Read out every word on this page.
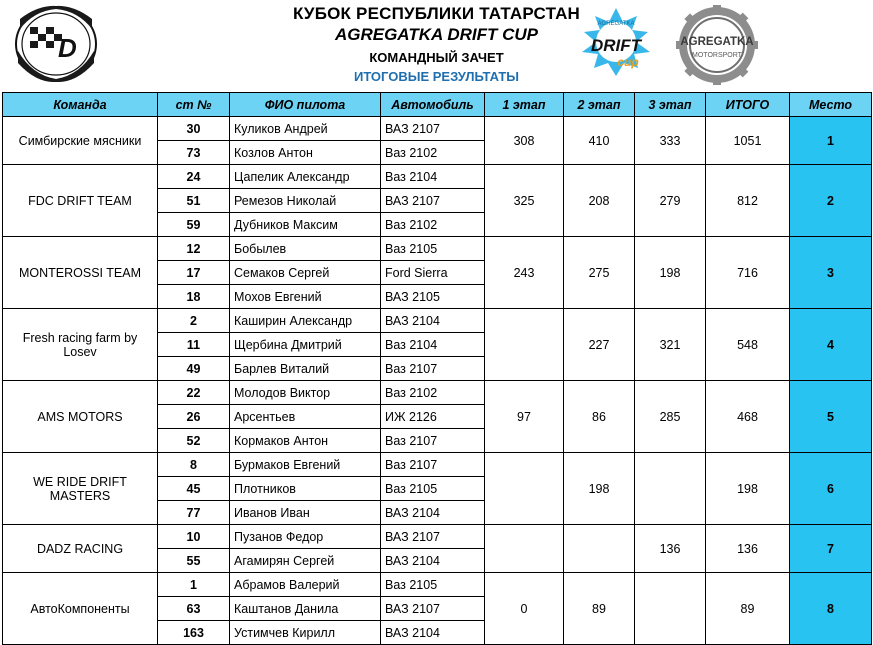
D
КУБОК РЕСПУБЛИКИ ТАТАРСТАН
AGREGATKA DRIFT CUP
КОМАНДНЫЙ ЗАЧЕТ
ИТОГОВЫЕ РЕЗУЛЬТАТЫ
DRIFT
cup
AGREGATKA
AGREGATKA
MOTORSPORT
Команда	ст №	ФИО пилота	Автомобиль	1 этап	2 этап	3 этап	ИТОГО	Место
Симбирские мясники	30	Куликов Андрей	ВАЗ 2107	308	410	333	1051	1
	73	Козлов Антон	Ваз 2102					
FDC DRIFT TEAM	24	Цапелик Александр	Ваз 2104	325	208	279	812	2
	51	Ремезов Николай	ВАЗ 2107					
	59	Дубников Максим	Ваз 2102					
MONTEROSSI TEAM	12	Бобылев	Ваз 2105	243	275	198	716	3
	17	Семаков Сергей	Ford Sierra					
	18	Мохов Евгений	ВАЗ 2105					
Fresh racing farm by Losev	2	Каширин Александр	ВАЗ 2104		227	321	548	4
	11	Щербина Дмитрий	Ваз 2104					
	49	Барлев Виталий	Ваз 2107					
AMS MOTORS	22	Молодов Виктор	Ваз 2102	97	86	285	468	5
	26	Арсентьев	ИЖ 2126					
	52	Кормаков Антон	Ваз 2107					
WE RIDE DRIFT MASTERS	8	Бурмаков Евгений	Ваз 2107		198		198	6
	45	Плотников	Ваз 2105					
	77	Иванов Иван	ВАЗ 2104					
DADZ RACING	10	Пузанов Федор	ВАЗ 2107			136	136	7
	55	Агамирян Сергей	ВАЗ 2104					
АвтоКомпоненты	1	Абрамов Валерий	Ваз 2105	0	89		89	8
	63	Каштанов Данила	ВАЗ 2107					
	163	Устимчев Кирилл	ВАЗ 2104					
